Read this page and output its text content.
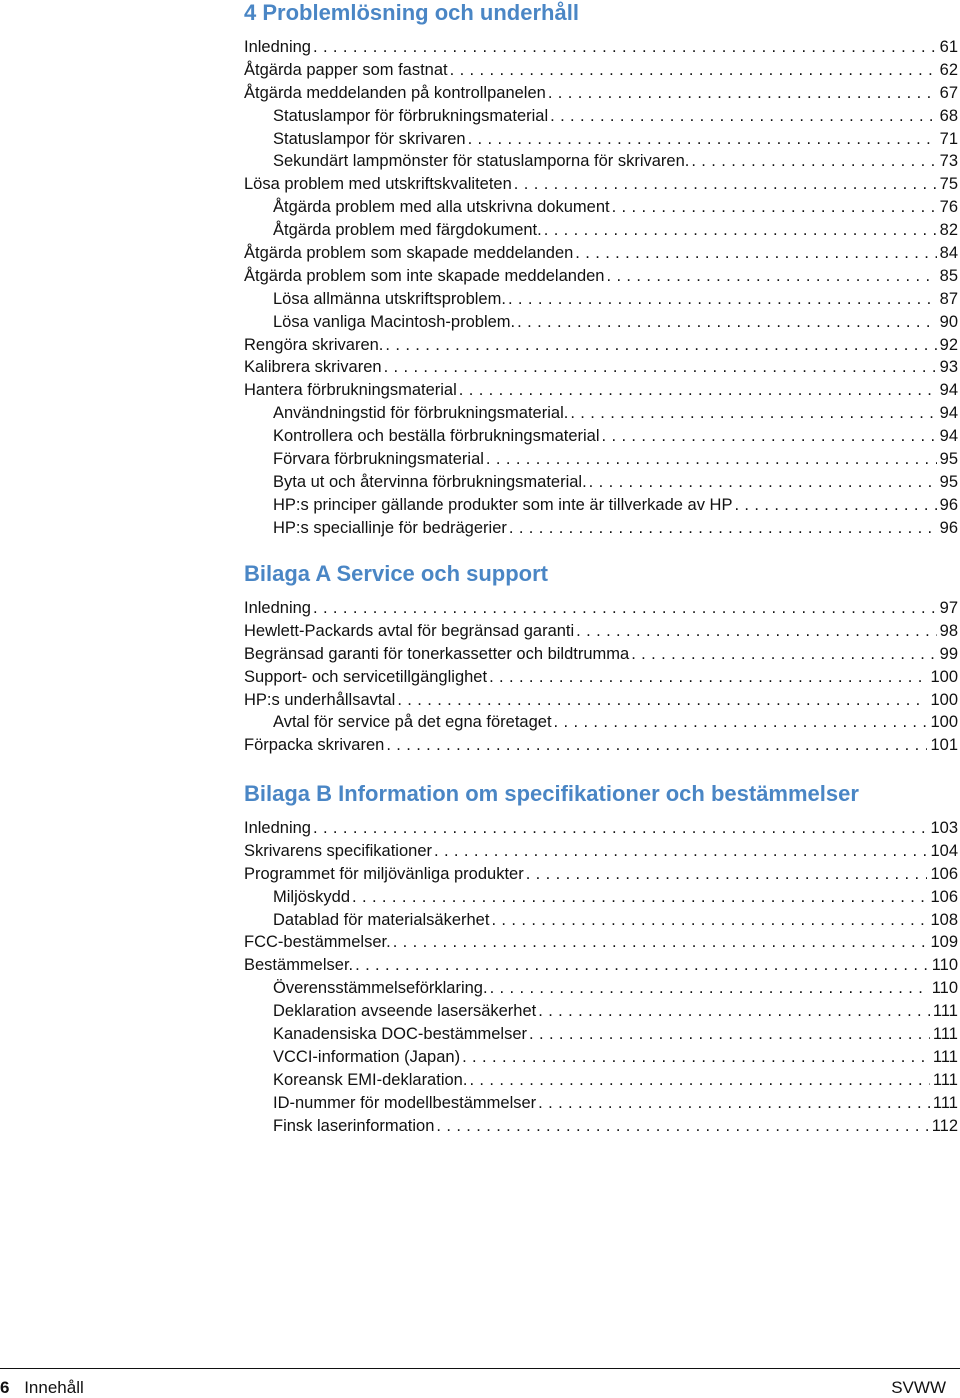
4 Problemlösning och underhåll
Inledning . . .	61
Åtgärda papper som fastnat . . .	62
Åtgärda meddelanden på kontrollpanelen . . .	67
Statuslampor för förbrukningsmaterial . . .	68
Statuslampor för skrivaren . . .	71
Sekundärt lampmönster för statuslamporna för skrivaren. . . .	73
Lösa problem med utskriftskvaliteten . . .	75
Åtgärda problem med alla utskrivna dokument . . .	76
Åtgärda problem med färgdokument. . . .	82
Åtgärda problem som skapade meddelanden . . .	84
Åtgärda problem som inte skapade meddelanden . . .	85
Lösa allmänna utskriftsproblem. . . .	87
Lösa vanliga Macintosh-problem. . . .	90
Rengöra skrivaren. . . .	92
Kalibrera skrivaren . . .	93
Hantera förbrukningsmaterial . . .	94
Användningstid för förbrukningsmaterial. . . .	94
Kontrollera och beställa förbrukningsmaterial . . .	94
Förvara förbrukningsmaterial . . .	95
Byta ut och återvinna förbrukningsmaterial. . . .	95
HP:s principer gällande produkter som inte är tillverkade av HP . . .	96
HP:s speciallinje för bedrägerier . . .	96
Bilaga A Service och support
Inledning . . .	97
Hewlett-Packards avtal för begränsad garanti . . .	98
Begränsad garanti för tonerkassetter och bildtrumma . . .	99
Support- och servicetillgänglighet . . .	100
HP:s underhållsavtal . . .	100
Avtal för service på det egna företaget . . .	100
Förpacka skrivaren . . .	101
Bilaga B Information om specifikationer och bestämmelser
Inledning . . .	103
Skrivarens specifikationer . . .	104
Programmet för miljövänliga produkter . . .	106
Miljöskydd . . .	106
Datablad för materialsäkerhet . . .	108
FCC-bestämmelser. . . .	109
Bestämmelser. . . .	110
Överensstämmelseförklaring. . . .	110
Deklaration avseende lasersäkerhet . . .	111
Kanadensiska DOC-bestämmelser . . .	111
VCCI-information (Japan) . . .	111
Koreansk EMI-deklaration. . . .	111
ID-nummer för modellbestämmelser . . .	111
Finsk laserinformation . . .	112
6 Innehåll	SVWW
